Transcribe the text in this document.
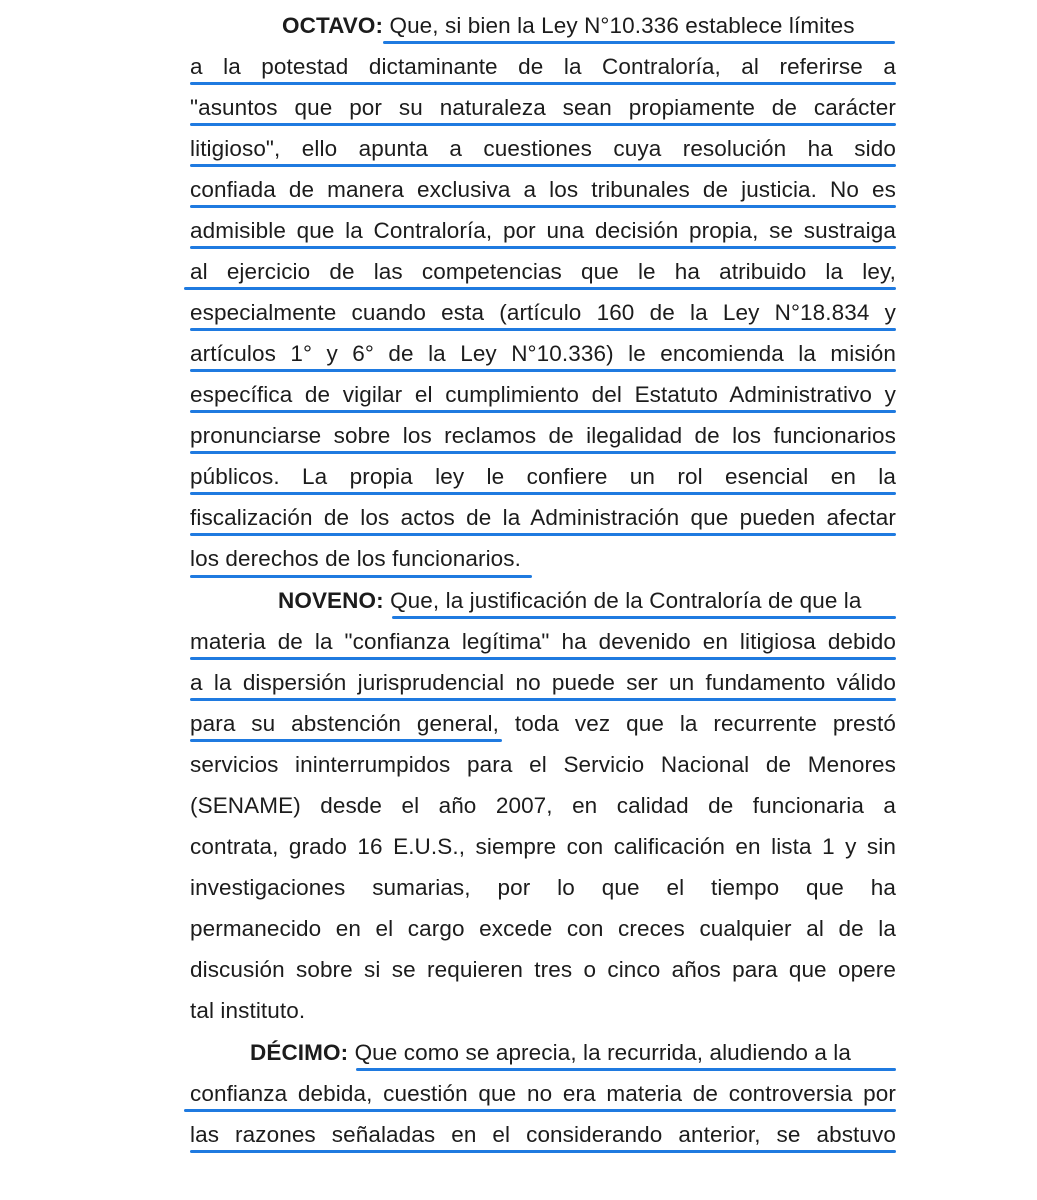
OCTAVO: Que, si bien la Ley N°10.336 establece límites
a la potestad dictaminante de la Contraloría, al referirse a
"asuntos que por su naturaleza sean propiamente de carácter
litigioso", ello apunta a cuestiones cuya resolución ha sido
confiada de manera exclusiva a los tribunales de justicia. No es
admisible que la Contraloría, por una decisión propia, se sustraiga
al ejercicio de las competencias que le ha atribuido la ley,
especialmente cuando esta (artículo 160 de la Ley N°18.834 y
artículos 1° y 6° de la Ley N°10.336) le encomienda la misión
específica de vigilar el cumplimiento del Estatuto Administrativo y
pronunciarse sobre los reclamos de ilegalidad de los funcionarios
públicos. La propia ley le confiere un rol esencial en la
fiscalización de los actos de la Administración que pueden afectar
los derechos de los funcionarios.
NOVENO: Que, la justificación de la Contraloría de que la
materia de la "confianza legítima" ha devenido en litigiosa debido
a la dispersión jurisprudencial no puede ser un fundamento válido
para su abstención general, toda vez que la recurrente prestó
servicios ininterrumpidos para el Servicio Nacional de Menores
(SENAME) desde el año 2007, en calidad de funcionaria a
contrata, grado 16 E.U.S., siempre con calificación en lista 1 y sin
investigaciones sumarias, por lo que el tiempo que ha
permanecido en el cargo excede con creces cualquier al de la
discusión sobre si se requieren tres o cinco años para que opere
tal instituto.
DÉCIMO: Que como se aprecia, la recurrida, aludiendo a la
confianza debida, cuestión que no era materia de controversia por
las razones señaladas en el considerando anterior, se abstuvo
